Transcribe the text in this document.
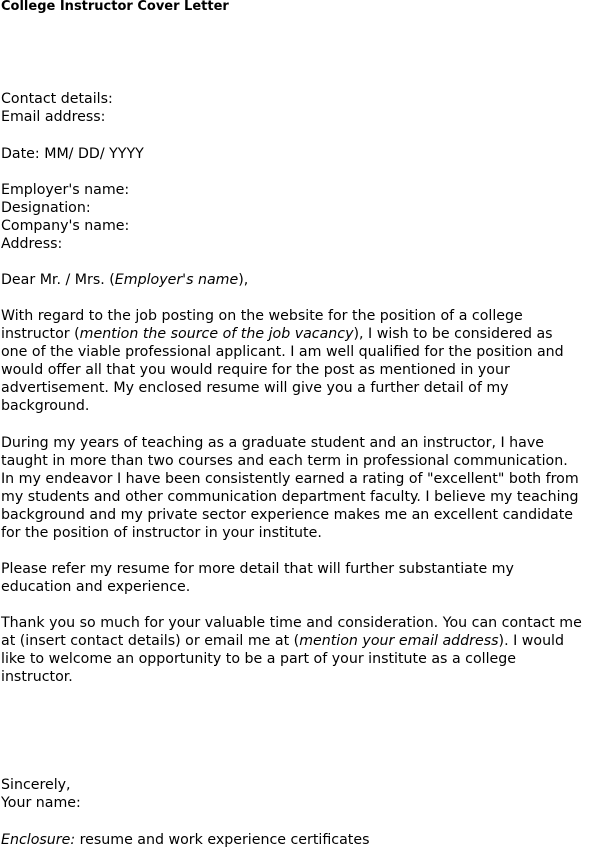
College Instructor Cover Letter
Contact details:
Email address:
Date: MM/ DD/ YYYY
Employer's name:
Designation:
Company's name:
Address:
Dear Mr. / Mrs. (Employer's name),
With regard to the job posting on the website for the position of a college
instructor (mention the source of the job vacancy), I wish to be considered as
one of the viable professional applicant. I am well qualified for the position and
would offer all that you would require for the post as mentioned in your
advertisement. My enclosed resume will give you a further detail of my
background.
During my years of teaching as a graduate student and an instructor, I have
taught in more than two courses and each term in professional communication.
In my endeavor I have been consistently earned a rating of "excellent" both from
my students and other communication department faculty. I believe my teaching
background and my private sector experience makes me an excellent candidate
for the position of instructor in your institute.
Please refer my resume for more detail that will further substantiate my
education and experience.
Thank you so much for your valuable time and consideration. You can contact me
at (insert contact details) or email me at (mention your email address). I would
like to welcome an opportunity to be a part of your institute as a college
instructor.
Sincerely,
Your name:
Enclosure: resume and work experience certificates
